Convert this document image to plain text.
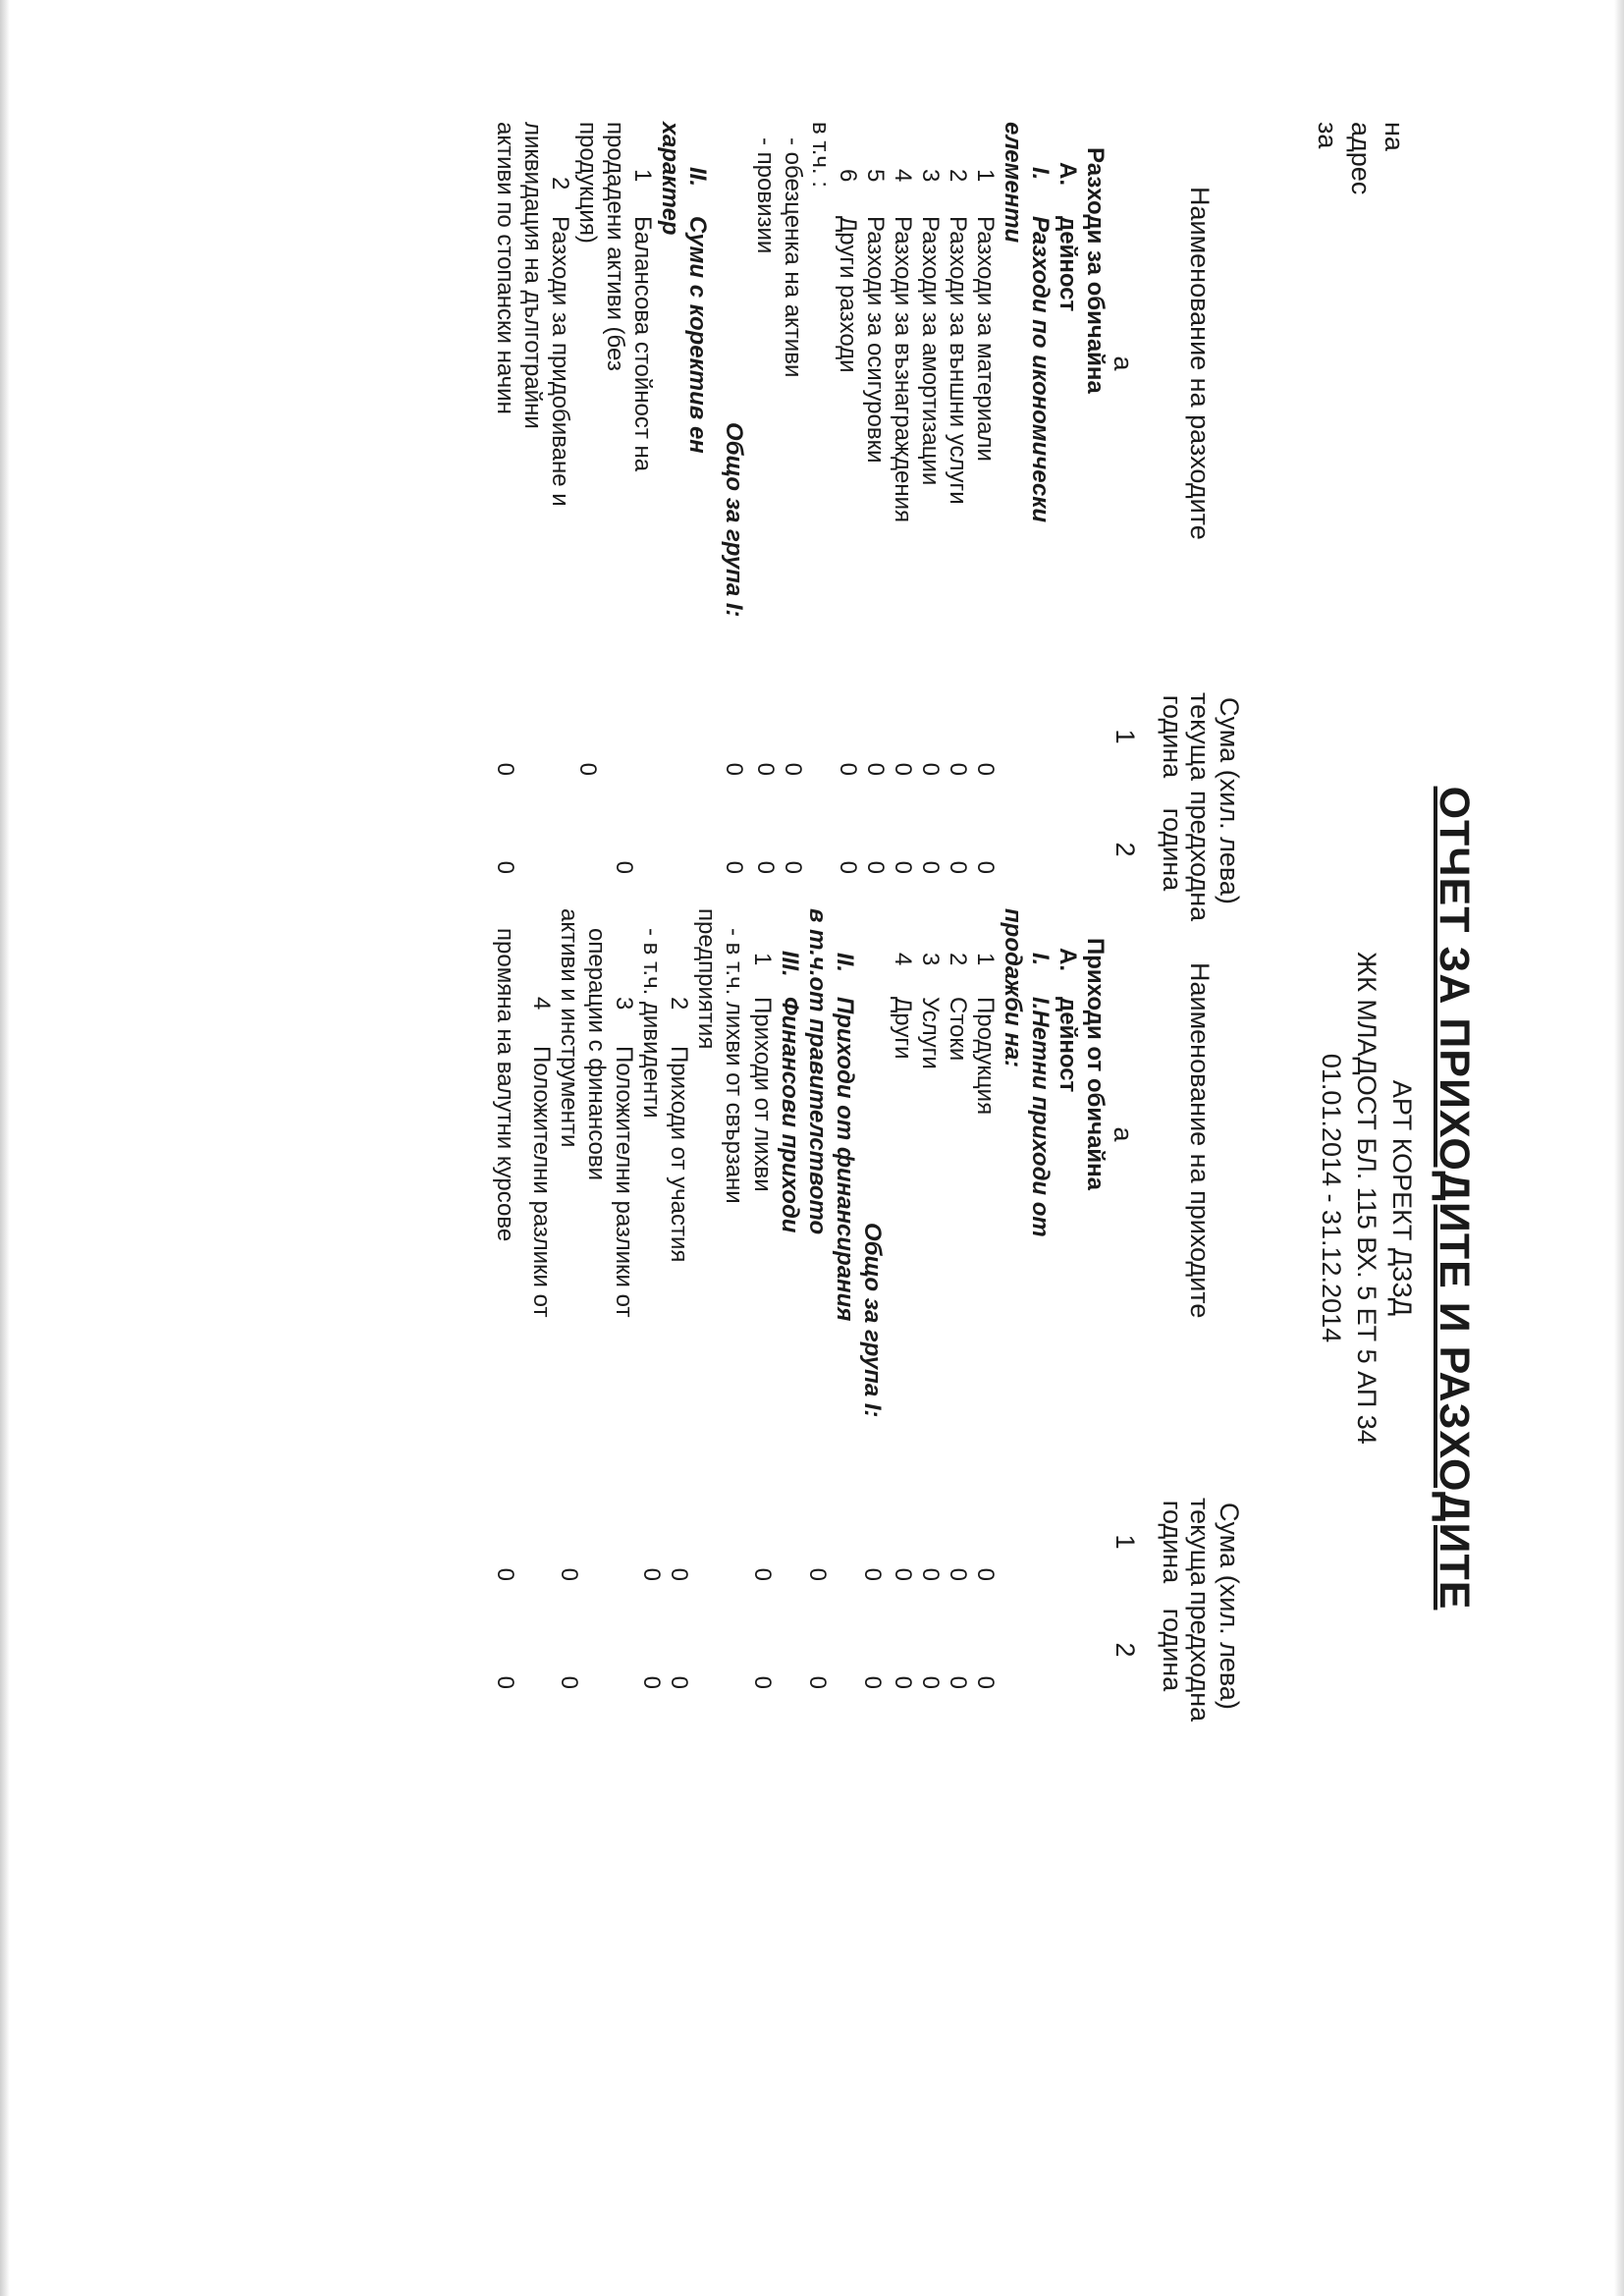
ОТЧЕТ ЗА ПРИХОДИТЕ И РАЗХОДИТЕ
АРТ КОРЕКТ ДЗЗД
ЖК МЛАДОСТ БЛ. 115 ВХ. 5 ЕТ 5 АП 34
01.01.2014 - 31.12.2014
на
адрес
за
Наименование на разходите
а
Сума (хил. лева)
текуща
година
1
предходна
година
2
Разходи за обичайна
А.
дейност
I.
Разходи по икономически
елементи
1
Разходи за материали
0
0
2
Разходи за външни услуги
0
0
3
Разходи за амортизации
0
0
4
Разходи за възнаграждения
0
0
5
Разходи за осигуровки
0
0
6
Други разходи
0
0
в т.ч. :
- обезценка на активи
0
0
- провизии
0
0
Общо за група I:
0
0
II.
Суми с коректив ен
характер
1
Балансова стойност на
продадени активи (без
продукция)
0
2
Разходи за придобиване и
ликвидация на дълготрайни
активи по стопански начин
0
0
Наименование на приходите
а
Сума (хил. лева)
текуща
година
1
предходна
година
2
Приходи от обичайна
А.
дейност
I.
I.Нетни приходи от
продажби на:
1
Продукция
0
0
2
Стоки
0
0
3
Услуги
0
0
4
Други
0
0
Общо за група I:
0
0
II.
Приходи от финансирания
в т.ч.от правителството
0
0
III.
Финансови приходи
1
Приходи от лихви
0
0
- в т.ч. лихви от свързани
предприятия
2
Приходи от участия
0
0
- в т.ч. дивиденти
0
0
3
Положителни разлики от
операции с финансови
активи и инструменти
0
0
4
Положителни разлики от
промяна на валутни курсове
0
0
0
